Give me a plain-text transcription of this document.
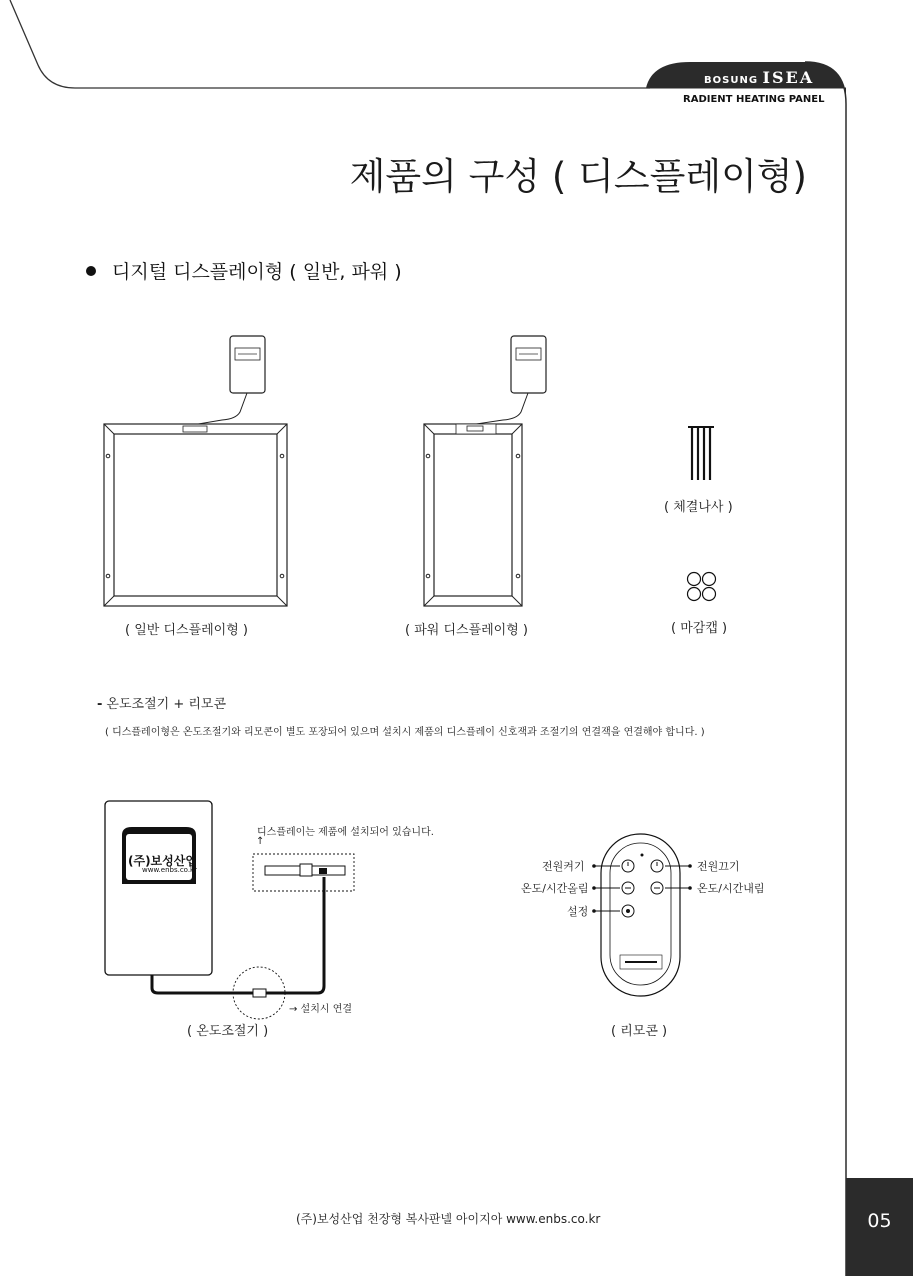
BOSUNG ISEA
RADIENT HEATING PANEL
제품의 구성 ( 디스플레이형)
디지털 디스플레이형 ( 일반, 파워 )
( 일반 디스플레이형 )	( 파워 디스플레이형 )
( 체결나사 )
( 마감캡 )
- 온도조절기 + 리모콘
( 디스플레이형은 온도조절기와 리모콘이 별도 포장되어 있으며 설치시 제품의 디스플레이 신호잭과 조절기의 연결잭을 연결해야 합니다. )
(주)보성산업
www.enbs.co.kr
디스플레이는 제품에 설치되어 있습니다.
↑
→ 설치시 연결
( 온도조절기 )	( 리모콘 )
전원켜기
온도/시간올림
설정
전원끄기
온도/시간내림
(주)보성산업 천장형 복사판넬 아이지아 www.enbs.co.kr	05
